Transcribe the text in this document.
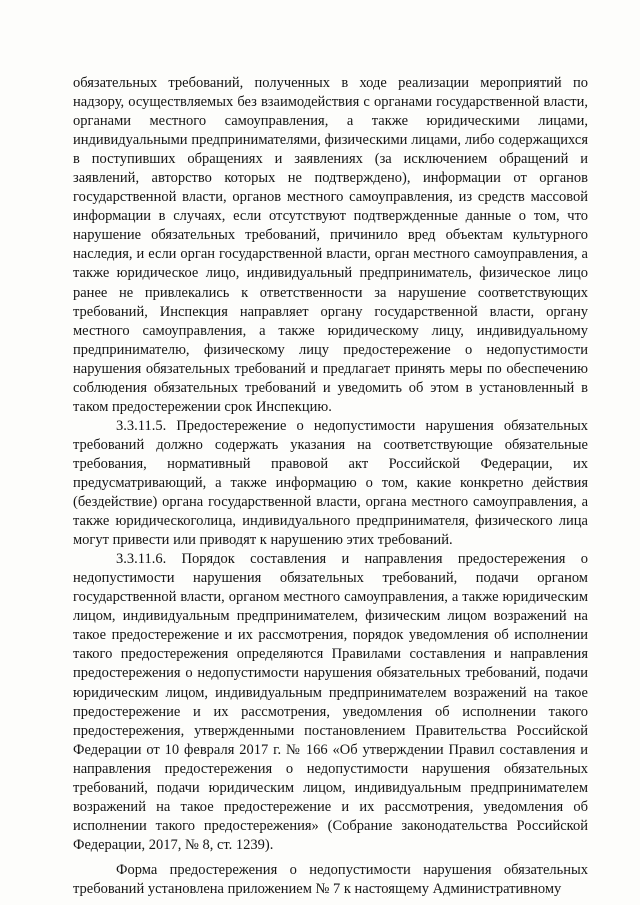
обязательных требований, полученных в ходе реализации мероприятий по надзору, осуществляемых без взаимодействия с органами государственной власти, органами местного самоуправления, а также юридическими лицами, индивидуальными предпринимателями, физическими лицами, либо содержащихся в поступивших обращениях и заявлениях (за исключением обращений и заявлений, авторство которых не подтверждено), информации от органов государственной власти, органов местного самоуправления, из средств массовой информации в случаях, если отсутствуют подтвержденные данные о том, что нарушение обязательных требований, причинило вред объектам культурного наследия, и если орган государственной власти, орган местного самоуправления, а также юридическое лицо, индивидуальный предприниматель, физическое лицо ранее не привлекались к ответственности за нарушение соответствующих требований, Инспекция направляет органу государственной власти, органу местного самоуправления, а также юридическому лицу, индивидуальному предпринимателю, физическому лицу предостережение о недопустимости нарушения обязательных требований и предлагает принять меры по обеспечению соблюдения обязательных требований и уведомить об этом в установленный в таком предостережении срок Инспекцию.

3.3.11.5. Предостережение о недопустимости нарушения обязательных требований должно содержать указания на соответствующие обязательные требования, нормативный правовой акт Российской Федерации, их предусматривающий, а также информацию о том, какие конкретно действия (бездействие) органа государственной власти, органа местного самоуправления, а также юридическоголица, индивидуального предпринимателя, физического лица могут привести или приводят к нарушению этих требований.

3.3.11.6. Порядок составления и направления предостережения о недопустимости нарушения обязательных требований, подачи органом государственной власти, органом местного самоуправления, а также юридическим лицом, индивидуальным предпринимателем, физическим лицом возражений на такое предостережение и их рассмотрения, порядок уведомления об исполнении такого предостережения определяются Правилами составления и направления предостережения о недопустимости нарушения обязательных требований, подачи юридическим лицом, индивидуальным предпринимателем возражений на такое предостережение и их рассмотрения, уведомления об исполнении такого предостережения, утвержденными постановлением Правительства Российской Федерации от 10 февраля 2017 г. № 166 «Об утверждении Правил составления и направления предостережения о недопустимости нарушения обязательных требований, подачи юридическим лицом, индивидуальным предпринимателем возражений на такое предостережение и их рассмотрения, уведомления об исполнении такого предостережения» (Собрание законодательства Российской Федерации, 2017, № 8, ст. 1239).

Форма предостережения о недопустимости нарушения обязательных требований установлена приложением № 7 к настоящему Административному
